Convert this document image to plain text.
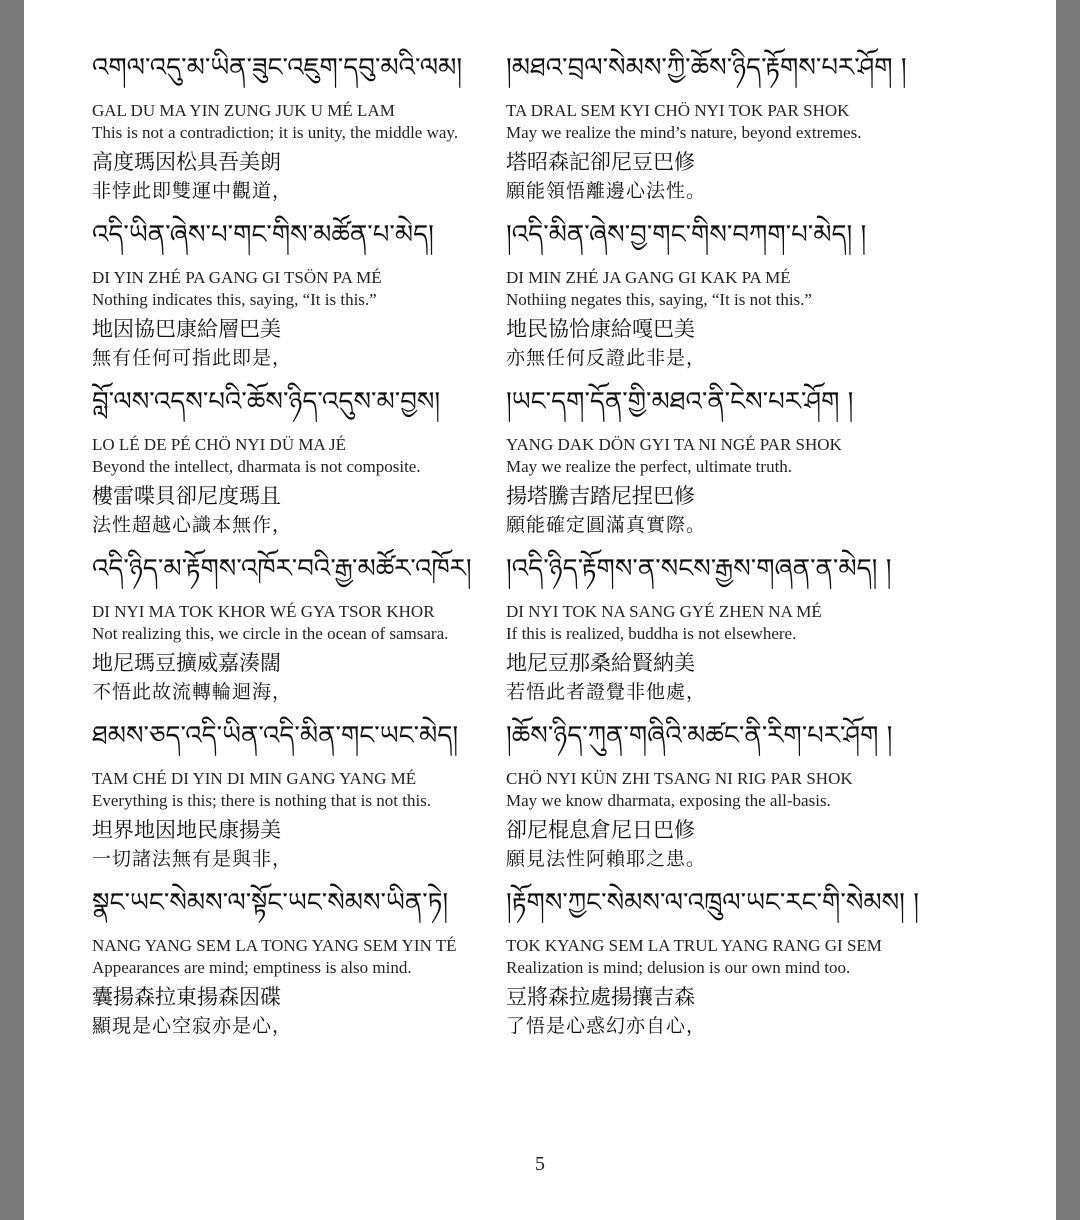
འགལ་འདུ་མ་ཡིན་ཟུང་འཇུག་དབུ་མའི་ལམ།
GAL DU MA YIN ZUNG JUK U MÉ LAM
This is not a contradiction; it is unity, the middle way.
高度瑪因松具吾美朗
非悖此即雙運中觀道，
།མཐའ་བྲལ་སེམས་ཀྱི་ཆོས་ཉིད་རྟོགས་པར་ཤོག །
TA DRAL SEM KYI CHÖ NYI TOK PAR SHOK
May we realize the mind’s nature, beyond extremes.
塔昭森記卻尼豆巴修
願能領悟離邊心法性。
འདི་ཡིན་ཞེས་པ་གང་གིས་མཚོན་པ་མེད།
DI YIN ZHÉ PA GANG GI TSÖN PA MÉ
Nothing indicates this, saying, “It is this.”
地因協巴康給層巴美
無有任何可指此即是，
།འདི་མིན་ཞེས་བྱ་གང་གིས་བཀག་པ་མེད། །
DI MIN ZHÉ JA GANG GI KAK PA MÉ
Nothiing negates this, saying, “It is not this.”
地民協恰康給嘎巴美
亦無任何反證此非是，
བློ་ལས་འདས་པའི་ཆོས་ཉིད་འདུས་མ་བྱས།
LO LÉ DE PÉ CHÖ NYI DÜ MA JÉ
Beyond the intellect, dharmata is not composite.
樓雷喋貝卻尼度瑪且
法性超越心識本無作，
།ཡང་དག་དོན་གྱི་མཐའ་ནི་ངེས་པར་ཤོག །
YANG DAK DÖN GYI TA NI NGÉ PAR SHOK
May we realize the perfect, ultimate truth.
揚塔騰吉踏尼捏巴修
願能確定圓滿真實際。
འདི་ཉིད་མ་རྟོགས་འཁོར་བའི་རྒྱ་མཚོར་འཁོར།
DI NYI MA TOK KHOR WÉ GYA TSOR KHOR
Not realizing this, we circle in the ocean of samsara.
地尼瑪豆擴威嘉湊闊
不悟此故流轉輪迴海，
།འདི་ཉིད་རྟོགས་ན་སངས་རྒྱས་གཞན་ན་མེད། །
DI NYI TOK NA SANG GYÉ ZHEN NA MÉ
If this is realized, buddha is not elsewhere.
地尼豆那桑給賢納美
若悟此者證覺非他處，
ཐམས་ཅད་འདི་ཡིན་འདི་མིན་གང་ཡང་མེད།
TAM CHÉ DI YIN DI MIN GANG YANG MÉ
Everything is this; there is nothing that is not this.
坦界地因地民康揚美
一切諸法無有是與非，
།ཆོས་ཉིད་ཀུན་གཞིའི་མཚང་ནི་རིག་པར་ཤོག །
CHÖ NYI KÜN ZHI TSANG NI RIG PAR SHOK
May we know dharmata, exposing the all-basis.
卻尼棍息倉尼日巴修
願見法性阿賴耶之患。
སྣང་ཡང་སེམས་ལ་སྟོང་ཡང་སེམས་ཡིན་ཏེ།
NANG YANG SEM LA TONG YANG SEM YIN TÉ
Appearances are mind; emptiness is also mind.
囊揚森拉東揚森因碟
顯現是心空寂亦是心，
།རྟོགས་ཀྱང་སེམས་ལ་འཁྲུལ་ཡང་རང་གི་སེམས། །
TOK KYANG SEM LA TRUL YANG RANG GI SEM
Realization is mind; delusion is our own mind too.
豆將森拉處揚攘吉森
了悟是心惑幻亦自心，
5
